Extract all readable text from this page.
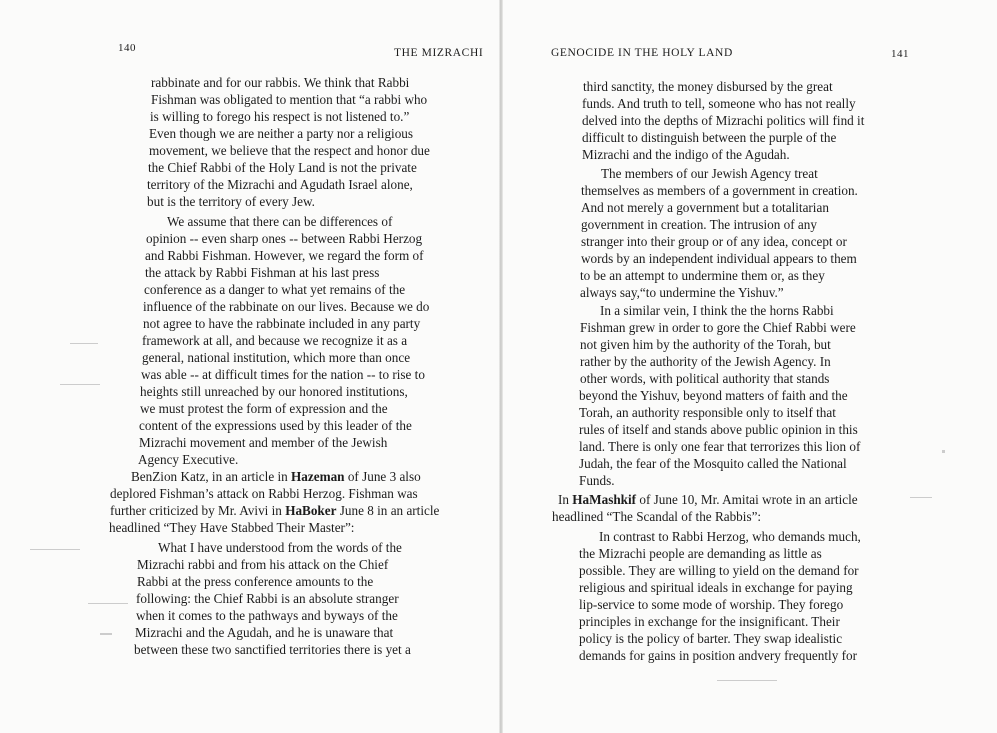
140	THE MIZRACHI
rabbinate and for our rabbis. We think that Rabbi
Fishman was obligated to mention that “a rabbi who
is willing to forego his respect is not listened to.”
Even though we are neither a party nor a religious
movement, we believe that the respect and honor due
the Chief Rabbi of the Holy Land is not the private
territory of the Mizrachi and Agudath Israel alone,
but is the territory of every Jew.
We assume that there can be differences of
opinion -- even sharp ones -- between Rabbi Herzog
and Rabbi Fishman. However, we regard the form of
the attack by Rabbi Fishman at his last press
conference as a danger to what yet remains of the
influence of the rabbinate on our lives. Because we do
not agree to have the rabbinate included in any party
framework at all, and because we recognize it as a
general, national institution, which more than once
was able -- at difficult times for the nation -- to rise to
heights still unreached by our honored institutions,
we must protest the form of expression and the
content of the expressions used by this leader of the
Mizrachi movement and member of the Jewish
Agency Executive.
BenZion Katz, in an article in Hazeman of June 3 also
deplored Fishman’s attack on Rabbi Herzog. Fishman was
further criticized by Mr. Avivi in HaBoker June 8 in an article
headlined “They Have Stabbed Their Master”:
What I have understood from the words of the
Mizrachi rabbi and from his attack on the Chief
Rabbi at the press conference amounts to the
following: the Chief Rabbi is an absolute stranger
when it comes to the pathways and byways of the
Mizrachi and the Agudah, and he is unaware that
between these two sanctified territories there is yet a
GENOCIDE IN THE HOLY LAND	141
third sanctity, the money disbursed by the great
funds. And truth to tell, someone who has not really
delved into the depths of Mizrachi politics will find it
difficult to distinguish between the purple of the
Mizrachi and the indigo of the Agudah.
The members of our Jewish Agency treat
themselves as members of a government in creation.
And not merely a government but a totalitarian
government in creation. The intrusion of any
stranger into their group or of any idea, concept or
words by an independent individual appears to them
to be an attempt to undermine them or, as they
always say,“to undermine the Yishuv.”
In a similar vein, I think the the horns Rabbi
Fishman grew in order to gore the Chief Rabbi were
not given him by the authority of the Torah, but
rather by the authority of the Jewish Agency. In
other words, with political authority that stands
beyond the Yishuv, beyond matters of faith and the
Torah, an authority responsible only to itself that
rules of itself and stands above public opinion in this
land. There is only one fear that terrorizes this lion of
Judah, the fear of the Mosquito called the National
Funds.
In HaMashkif of June 10, Mr. Amitai wrote in an article
headlined “The Scandal of the Rabbis”:
In contrast to Rabbi Herzog, who demands much,
the Mizrachi people are demanding as little as
possible. They are willing to yield on the demand for
religious and spiritual ideals in exchange for paying
lip-service to some mode of worship. They forego
principles in exchange for the insignificant. Their
policy is the policy of barter. They swap idealistic
demands for gains in position andvery frequently for
